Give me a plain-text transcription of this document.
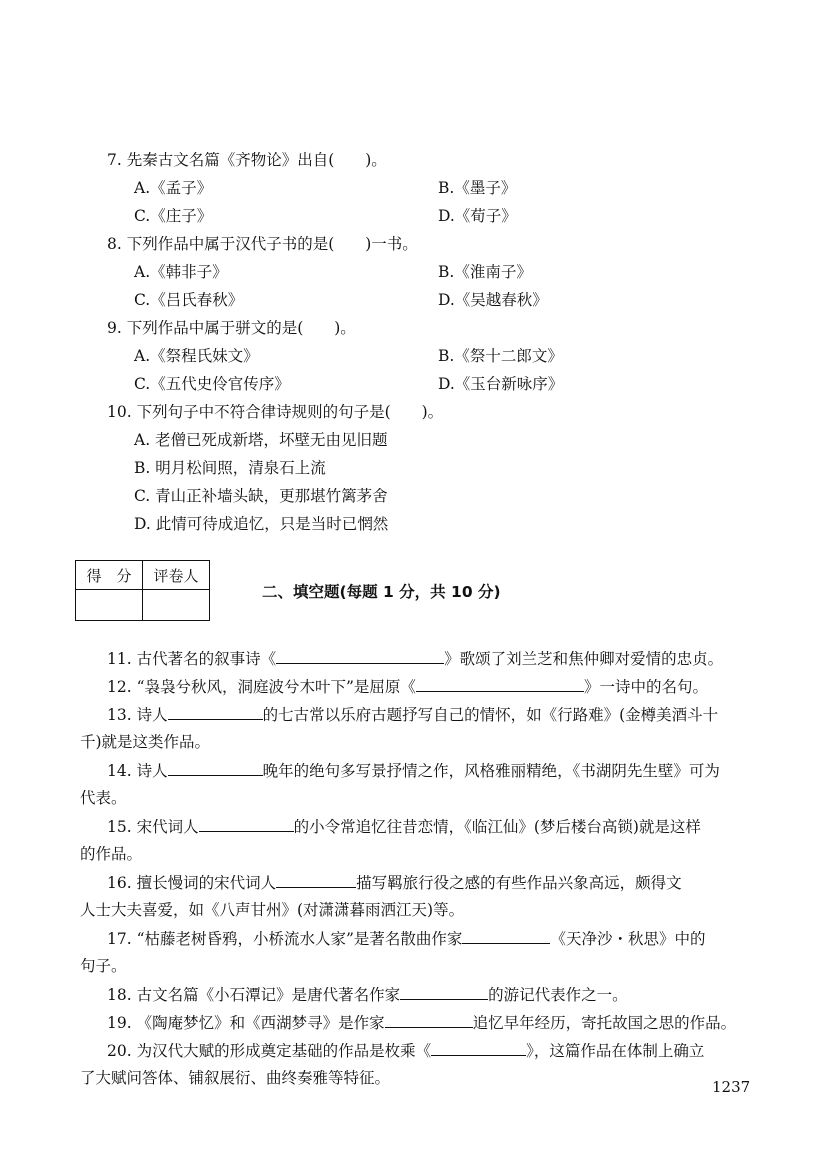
7. 先秦古文名篇《齐物论》出自(　　)。
A.《孟子》	B.《墨子》
C.《庄子》	D.《荀子》
8. 下列作品中属于汉代子书的是(　　)一书。
A.《韩非子》	B.《淮南子》
C.《吕氏春秋》	D.《吴越春秋》
9. 下列作品中属于骈文的是(　　)。
A.《祭程氏妹文》	B.《祭十二郎文》
C.《五代史伶官传序》	D.《玉台新咏序》
10. 下列句子中不符合律诗规则的句子是(　　)。
A. 老僧已死成新塔，坏壁无由见旧题
B. 明月松间照，清泉石上流
C. 青山正补墙头缺，更那堪竹篱茅舍
D. 此情可待成追忆，只是当时已惘然
得　分	评卷人

二、填空题(每题 1 分，共 10 分)
11. 古代著名的叙事诗《	》歌颂了刘兰芝和焦仲卿对爱情的忠贞。
12. “袅袅兮秋风，洞庭波兮木叶下”是屈原《	》一诗中的名句。
13. 诗人	的七古常以乐府古题抒写自己的情怀，如《行路难》(金樽美酒斗十
千)就是这类作品。
14. 诗人	晚年的绝句多写景抒情之作，风格雅丽精绝，《书湖阴先生壁》可为
代表。
15. 宋代词人	的小令常追忆往昔恋情，《临江仙》(梦后楼台高锁)就是这样
的作品。
16. 擅长慢词的宋代词人	描写羁旅行役之感的有些作品兴象高远，颇得文
人士大夫喜爱，如《八声甘州》(对潇潇暮雨洒江天)等。
17. “枯藤老树昏鸦，小桥流水人家”是著名散曲作家	《天净沙・秋思》中的
句子。
18. 古文名篇《小石潭记》是唐代著名作家	的游记代表作之一。
19. 《陶庵梦忆》和《西湖梦寻》是作家	追忆早年经历，寄托故国之思的作品。
20. 为汉代大赋的形成奠定基础的作品是枚乘《	》，这篇作品在体制上确立
了大赋问答体、铺叙展衍、曲终奏雅等特征。	1237
